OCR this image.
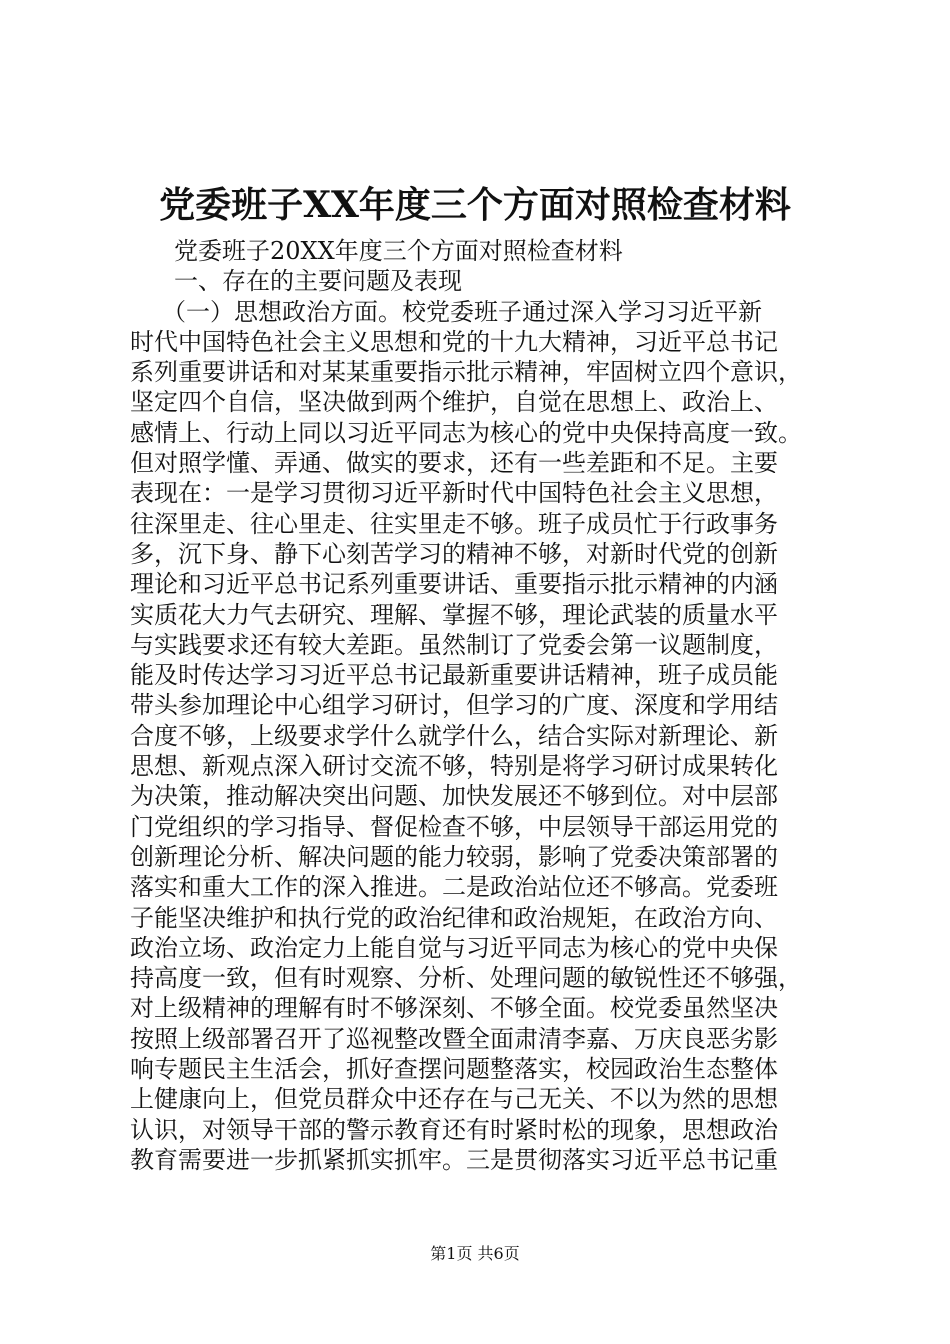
党委班子XX年度三个方面对照检查材料
党委班子20XX年度三个方面对照检查材料
一、存在的主要问题及表现
（一）思想政治方面。校党委班子通过深入学习习近平新
时代中国特色社会主义思想和党的十九大精神，习近平总书记
系列重要讲话和对某某重要指示批示精神，牢固树立四个意识，
坚定四个自信，坚决做到两个维护，自觉在思想上、政治上、
感情上、行动上同以习近平同志为核心的党中央保持高度一致。
但对照学懂、弄通、做实的要求，还有一些差距和不足。主要
表现在：一是学习贯彻习近平新时代中国特色社会主义思想，
往深里走、往心里走、往实里走不够。班子成员忙于行政事务
多，沉下身、静下心刻苦学习的精神不够，对新时代党的创新
理论和习近平总书记系列重要讲话、重要指示批示精神的内涵
实质花大力气去研究、理解、掌握不够，理论武装的质量水平
与实践要求还有较大差距。虽然制订了党委会第一议题制度，
能及时传达学习习近平总书记最新重要讲话精神，班子成员能
带头参加理论中心组学习研讨，但学习的广度、深度和学用结
合度不够，上级要求学什么就学什么，结合实际对新理论、新
思想、新观点深入研讨交流不够，特别是将学习研讨成果转化
为决策，推动解决突出问题、加快发展还不够到位。对中层部
门党组织的学习指导、督促检查不够，中层领导干部运用党的
创新理论分析、解决问题的能力较弱，影响了党委决策部署的
落实和重大工作的深入推进。二是政治站位还不够高。党委班
子能坚决维护和执行党的政治纪律和政治规矩，在政治方向、
政治立场、政治定力上能自觉与习近平同志为核心的党中央保
持高度一致，但有时观察、分析、处理问题的敏锐性还不够强，
对上级精神的理解有时不够深刻、不够全面。校党委虽然坚决
按照上级部署召开了巡视整改暨全面肃清李嘉、万庆良恶劣影
响专题民主生活会，抓好查摆问题整落实，校园政治生态整体
上健康向上，但党员群众中还存在与己无关、不以为然的思想
认识，对领导干部的警示教育还有时紧时松的现象，思想政治
教育需要进一步抓紧抓实抓牢。三是贯彻落实习近平总书记重
第1页 共6页
